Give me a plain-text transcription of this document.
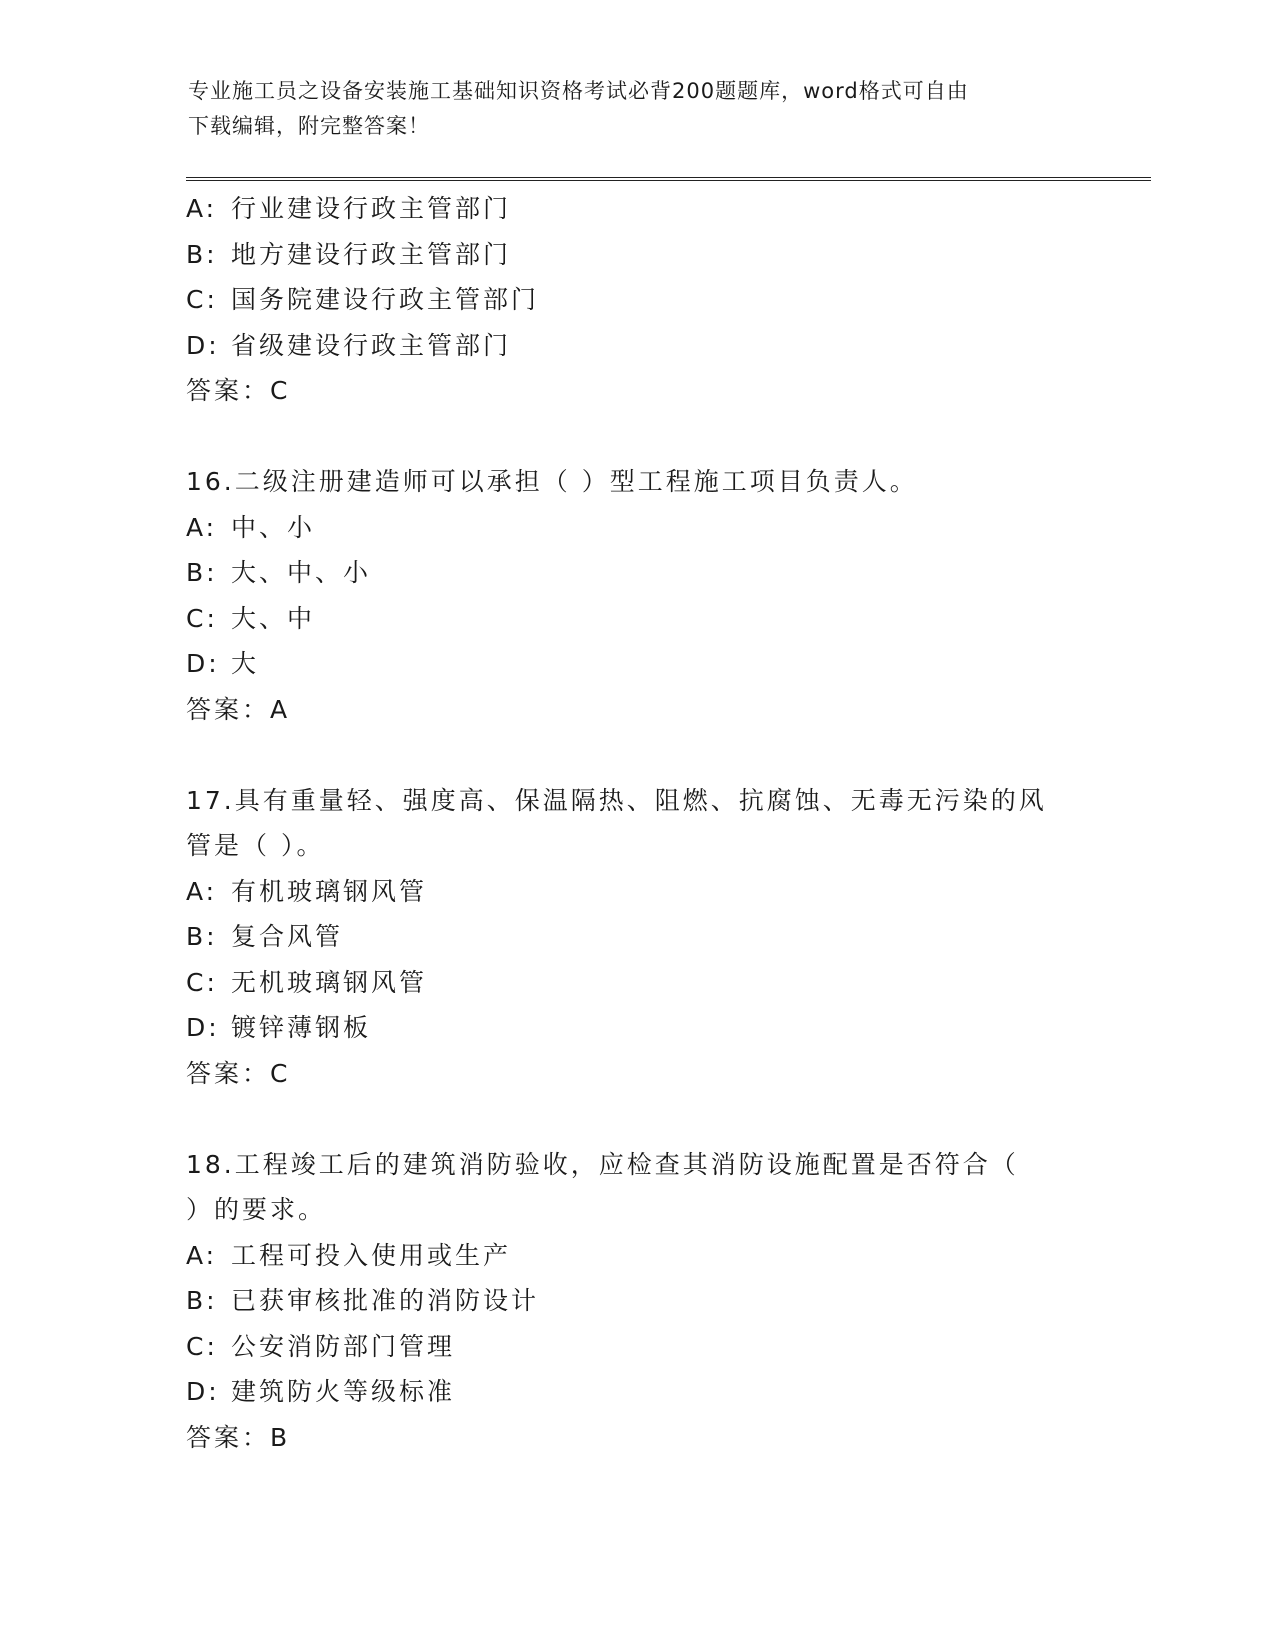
专业施工员之设备安装施工基础知识资格考试必背200题题库，word格式可自由
下载编辑，附完整答案！
A: 行业建设行政主管部门
B: 地方建设行政主管部门
C: 国务院建设行政主管部门
D: 省级建设行政主管部门
答案：C
16.二级注册建造师可以承担（ ）型工程施工项目负责人。
A: 中、小
B: 大、中、小
C: 大、中
D: 大
答案：A
17.具有重量轻、强度高、保温隔热、阻燃、抗腐蚀、无毒无污染的风
管是（ ）。
A: 有机玻璃钢风管
B: 复合风管
C: 无机玻璃钢风管
D: 镀锌薄钢板
答案：C
18.工程竣工后的建筑消防验收，应检查其消防设施配置是否符合（
）的要求。
A: 工程可投入使用或生产
B: 已获审核批准的消防设计
C: 公安消防部门管理
D: 建筑防火等级标准
答案：B
